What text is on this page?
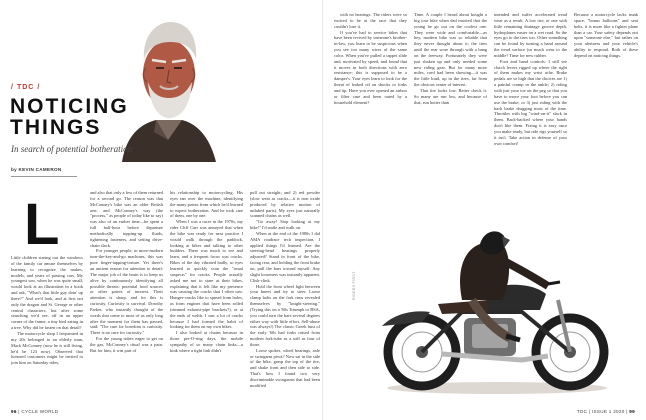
/ TDC /
NOTICING
THINGS
In search of potential botheration
by KEVIN CAMERON
L

Little children staring out the windows of the family car amuse themselves by learning to recognize the makes, models, and years of passing cars. My youngest son, when he was quite small, would look at an illustration in a book and ask, "What's that little guy doin' up there?" And we'd look, and at first not only the dragon and St. George or other central characters, but after some searching we'd see, off in an upper corner of the frame, a tiny bird eating in a tree. Why did he fasten on that detail?

The motorcycle shop I frequented in my 20s belonged to an elderly man, Mack McConney (now he is still living, he'd be 123 now). Observed that honored customers might be invited to join him on Saturday rides,

and also that only a few of them returned for a second go. The reason was that McConney's bike was an older British one, and McConney's way (the "process," as people of today like to say) was also of an earlier time—he spent a full half-hour before departure methodically topping-up fluids, tightening fasteners, and setting drive-chain slack.

For younger people, in more-modern turn-the-key-and-go machines, this was pure finger-tapping-torture. Yet there's an ancient reason for attention to detail: The major job of the brain is to keep us alive by continuously identifying all possible threats: potential food sources or other points of interest. Their attention is sharp, and for this is curiosity. Curiosity is survival. Dorothy Parker, who instantly thought of the words that come to most of us only long after the moment for them has passed, said: "The cure for boredom is curiosity. There is no cure for curiosity."

For the young riders eager to get on the gas, McConney's ritual was a pain. But for him, it was part of

his relationship to motorcycling. His eyes ran over the machine, identifying the many points from which he'd learned to expect botheration. And he took care of them, one by one.

When I was a racer in the 1970s, my rider Cliff Carr was annoyed that when the bike was ready for next practice I would walk through the paddock, looking at bikes and talking to other builders. There was much to see and learn, and a frequent focus was cracks. Bikes of the day vibrated badly, so eyes learned to quickly scan the "usual suspects" for cracks. People actually asked me not to stare at their bikes, explaining that it felt like my presence was causing the cracks that I often saw. Hunger-cracks like to spread from holes, as from engines that have been rolled (rimmed exhaust-pipe brackets?), or at the ends of welds. I saw a lot of cracks because I had formed the habit of looking for them on my own bikes.

I also looked at chains because in those pre-O-ring days, the mobile sympathy of so many chain links—a kink where a tight link didn't

pull out straight; and 2) red powder (slow wear as cracks—it is iron oxide produced by relative motion of unlubed parts). My eyes just naturally scanned chains as well.

"Go away! Stop looking at my bike!" I'd smile and walk on.

When at the end of the 1980s I did AMA roadrace tech inspection, I applied things I'd learned. Are the steering-head bearings properly adjusted? Stand in front of the bike, facing rear, and holding the front brake on, pull the bars toward myself. Any slight looseness was instantly apparent. Clish-clink.

Hold the front wheel light between your knees and try to steer. Loose clamp bolts on the fork rims revealed themselves by "knight-steering." (Trying this on a '60s Triumph or BSA, you could turn the bars several degrees either way with little effort. Sell-abuse was always!) The classic Greek bust of the early '60s had forks raised from modern fork-tube as a stiff as four of those.

Loose spokes, wheel bearings, axle or swingarm pivot? Now sat in the side of the bike, grasp the top of the tire, and shake front and then side to side. That's how I found two very discriminable swingarms that had been modified

with no bearings. The riders were so excited to be at the race that they couldn't lose it.

If you've had to service bikes that have been revived by someone's brother-in-law, you learn to be suspicious when you see too many wires of the same color. When you've pulled a tappet slide and, motivated by speed, and found that it moves in both directions with zero resistance; this is supposed to be a damper's. Your eyes learn to look for the threat of leaked oil on shocks or forks and tip. Have you ever opened an airbox or filter case and been outed by a household element?

Time. A couple I heard about bought a big tour bike when dad insisted that the young he go out on the coolest one. They were wide and comfortable—as hey, modern bike was so reliable that they never thought about it; the tires until the rear wore through with a bang on the freeway. Fortunately they were just shaken up and only needed some new riding gear. But for many more miles, cord had been showing—it was the little kind, up in the tires, far from the obvious center of interest.

That tire looks low. Better check it. So many are run low, and because of that, run hotter than

intended and suffer accelerated tread wear as a result. A low tire, or one with little remaining drainage groove depth, hydroplanes easier on a wet road. So the eyes go to the tires too. Other something can be found by turning a hand around the tread surface (so much wear to the middle? Time for new rubber.

Foot and hand controls: I still see clutch levers rigged up where the right of them makes my wrist ache. Brake pedals are so high that the choices are 1) a painful cramp in the ankle; 2) riding with just your toe on the peg so that you have to move your foot before you can use the brake; or 3) just riding with the back brake dragging most of the time. Throttles with big "wind-on-it" slack in them. Back-backed where your hands don't like them. Fixing it is easy once you make ready, but ride rigs yourself so it isn't. Take action in defense of your own comfort!

Because a motorcycle lacks trunk space, "bonus balloons" and seat belts, it is more like a fighter plane than a car. Your safety depends not upon "someone else," but rather on your alertness and your vehicle's ability to respond. Both of these depend on noticing things.

RIDERS FIRST
96 | CYCLE WORLD	TDC | ISSUE 1 2020 | 99
